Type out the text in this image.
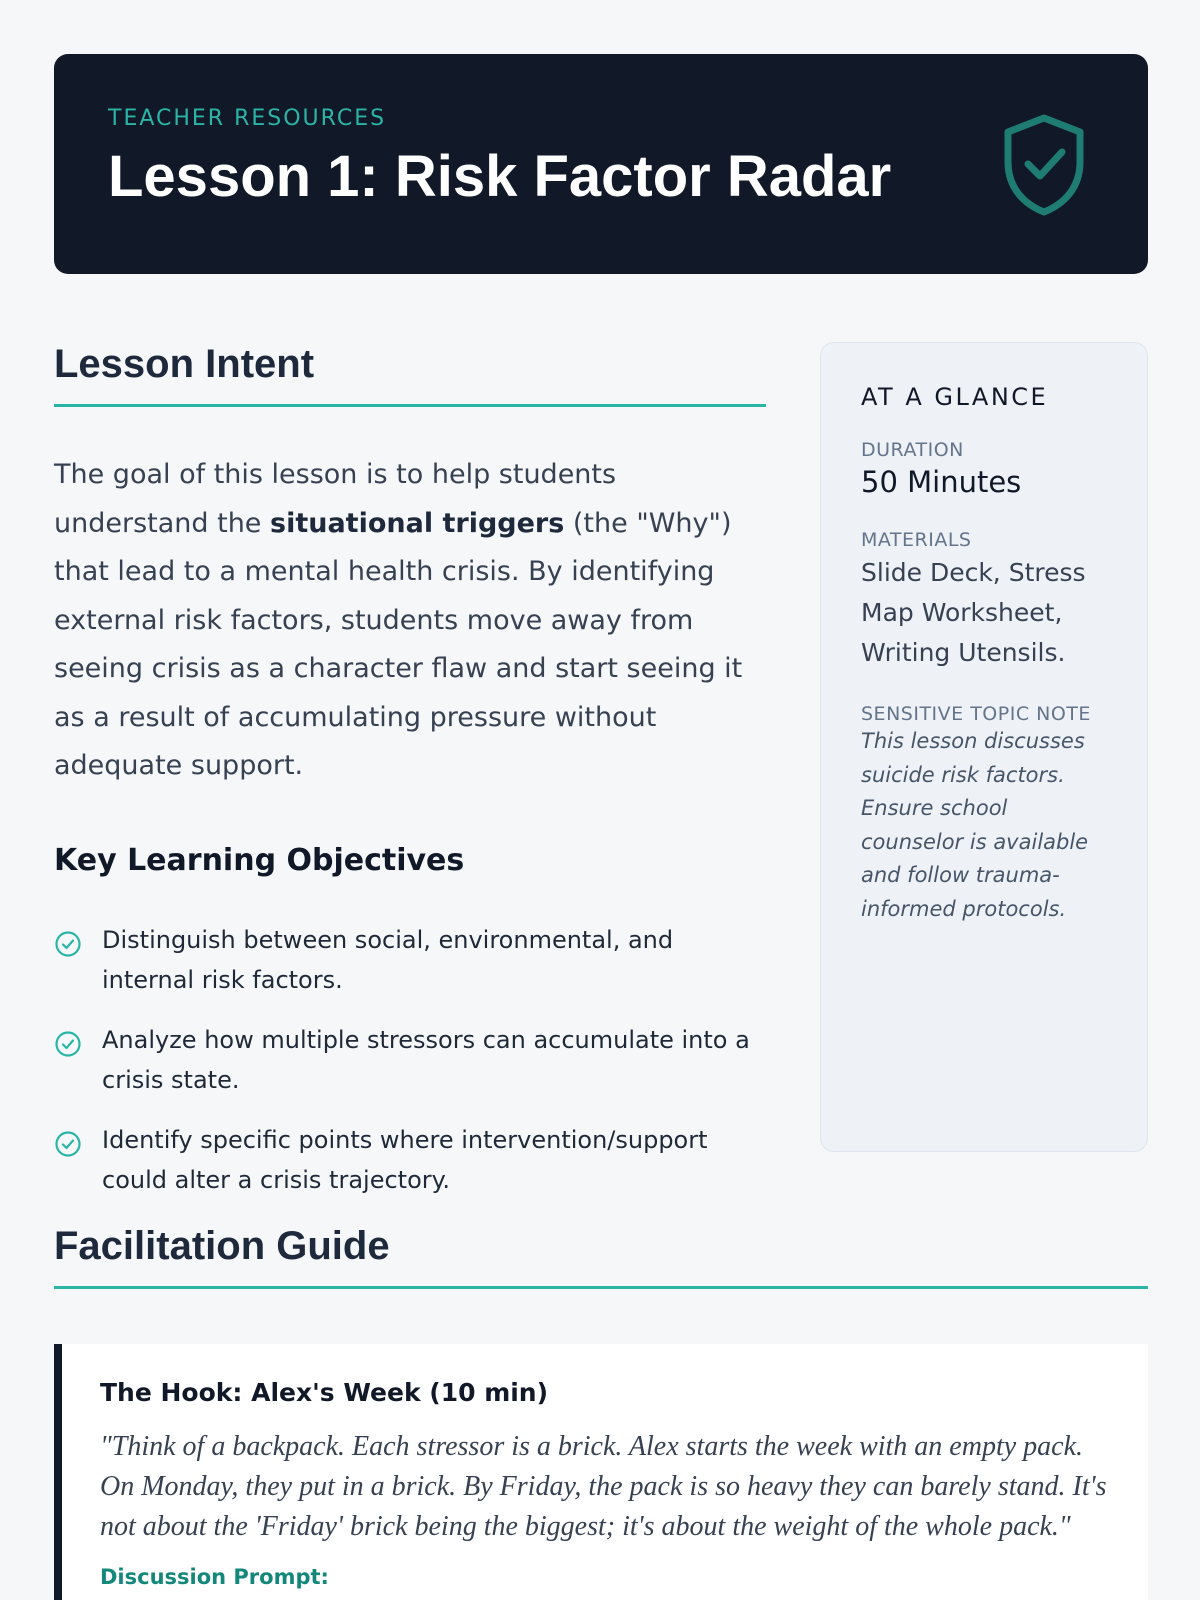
TEACHER RESOURCES

Lesson 1: Risk Factor Radar
Lesson Intent

The goal of this lesson is to help students understand the situational triggers (the "Why") that lead to a mental health crisis. By identifying external risk factors, students move away from seeing crisis as a character flaw and start seeing it as a result of accumulating pressure without adequate support.

Key Learning Objectives
Distinguish between social, environmental, and internal risk factors.
Analyze how multiple stressors can accumulate into a crisis state.
Identify specific points where intervention/support could alter a crisis trajectory.

AT A GLANCE

DURATION

50 Minutes

MATERIALS

Slide Deck, Stress Map Worksheet, Writing Utensils.

SENSITIVE TOPIC NOTE

This lesson discusses suicide risk factors. Ensure school counselor is available and follow trauma-informed protocols.

Facilitation Guide

The Hook: Alex's Week (10 min)

"Think of a backpack. Each stressor is a brick. Alex starts the week with an empty pack. On Monday, they put in a brick. By Friday, the pack is so heavy they can barely stand. It's not about the 'Friday' brick being the biggest; it's about the weight of the whole pack."

Discussion Prompt:
